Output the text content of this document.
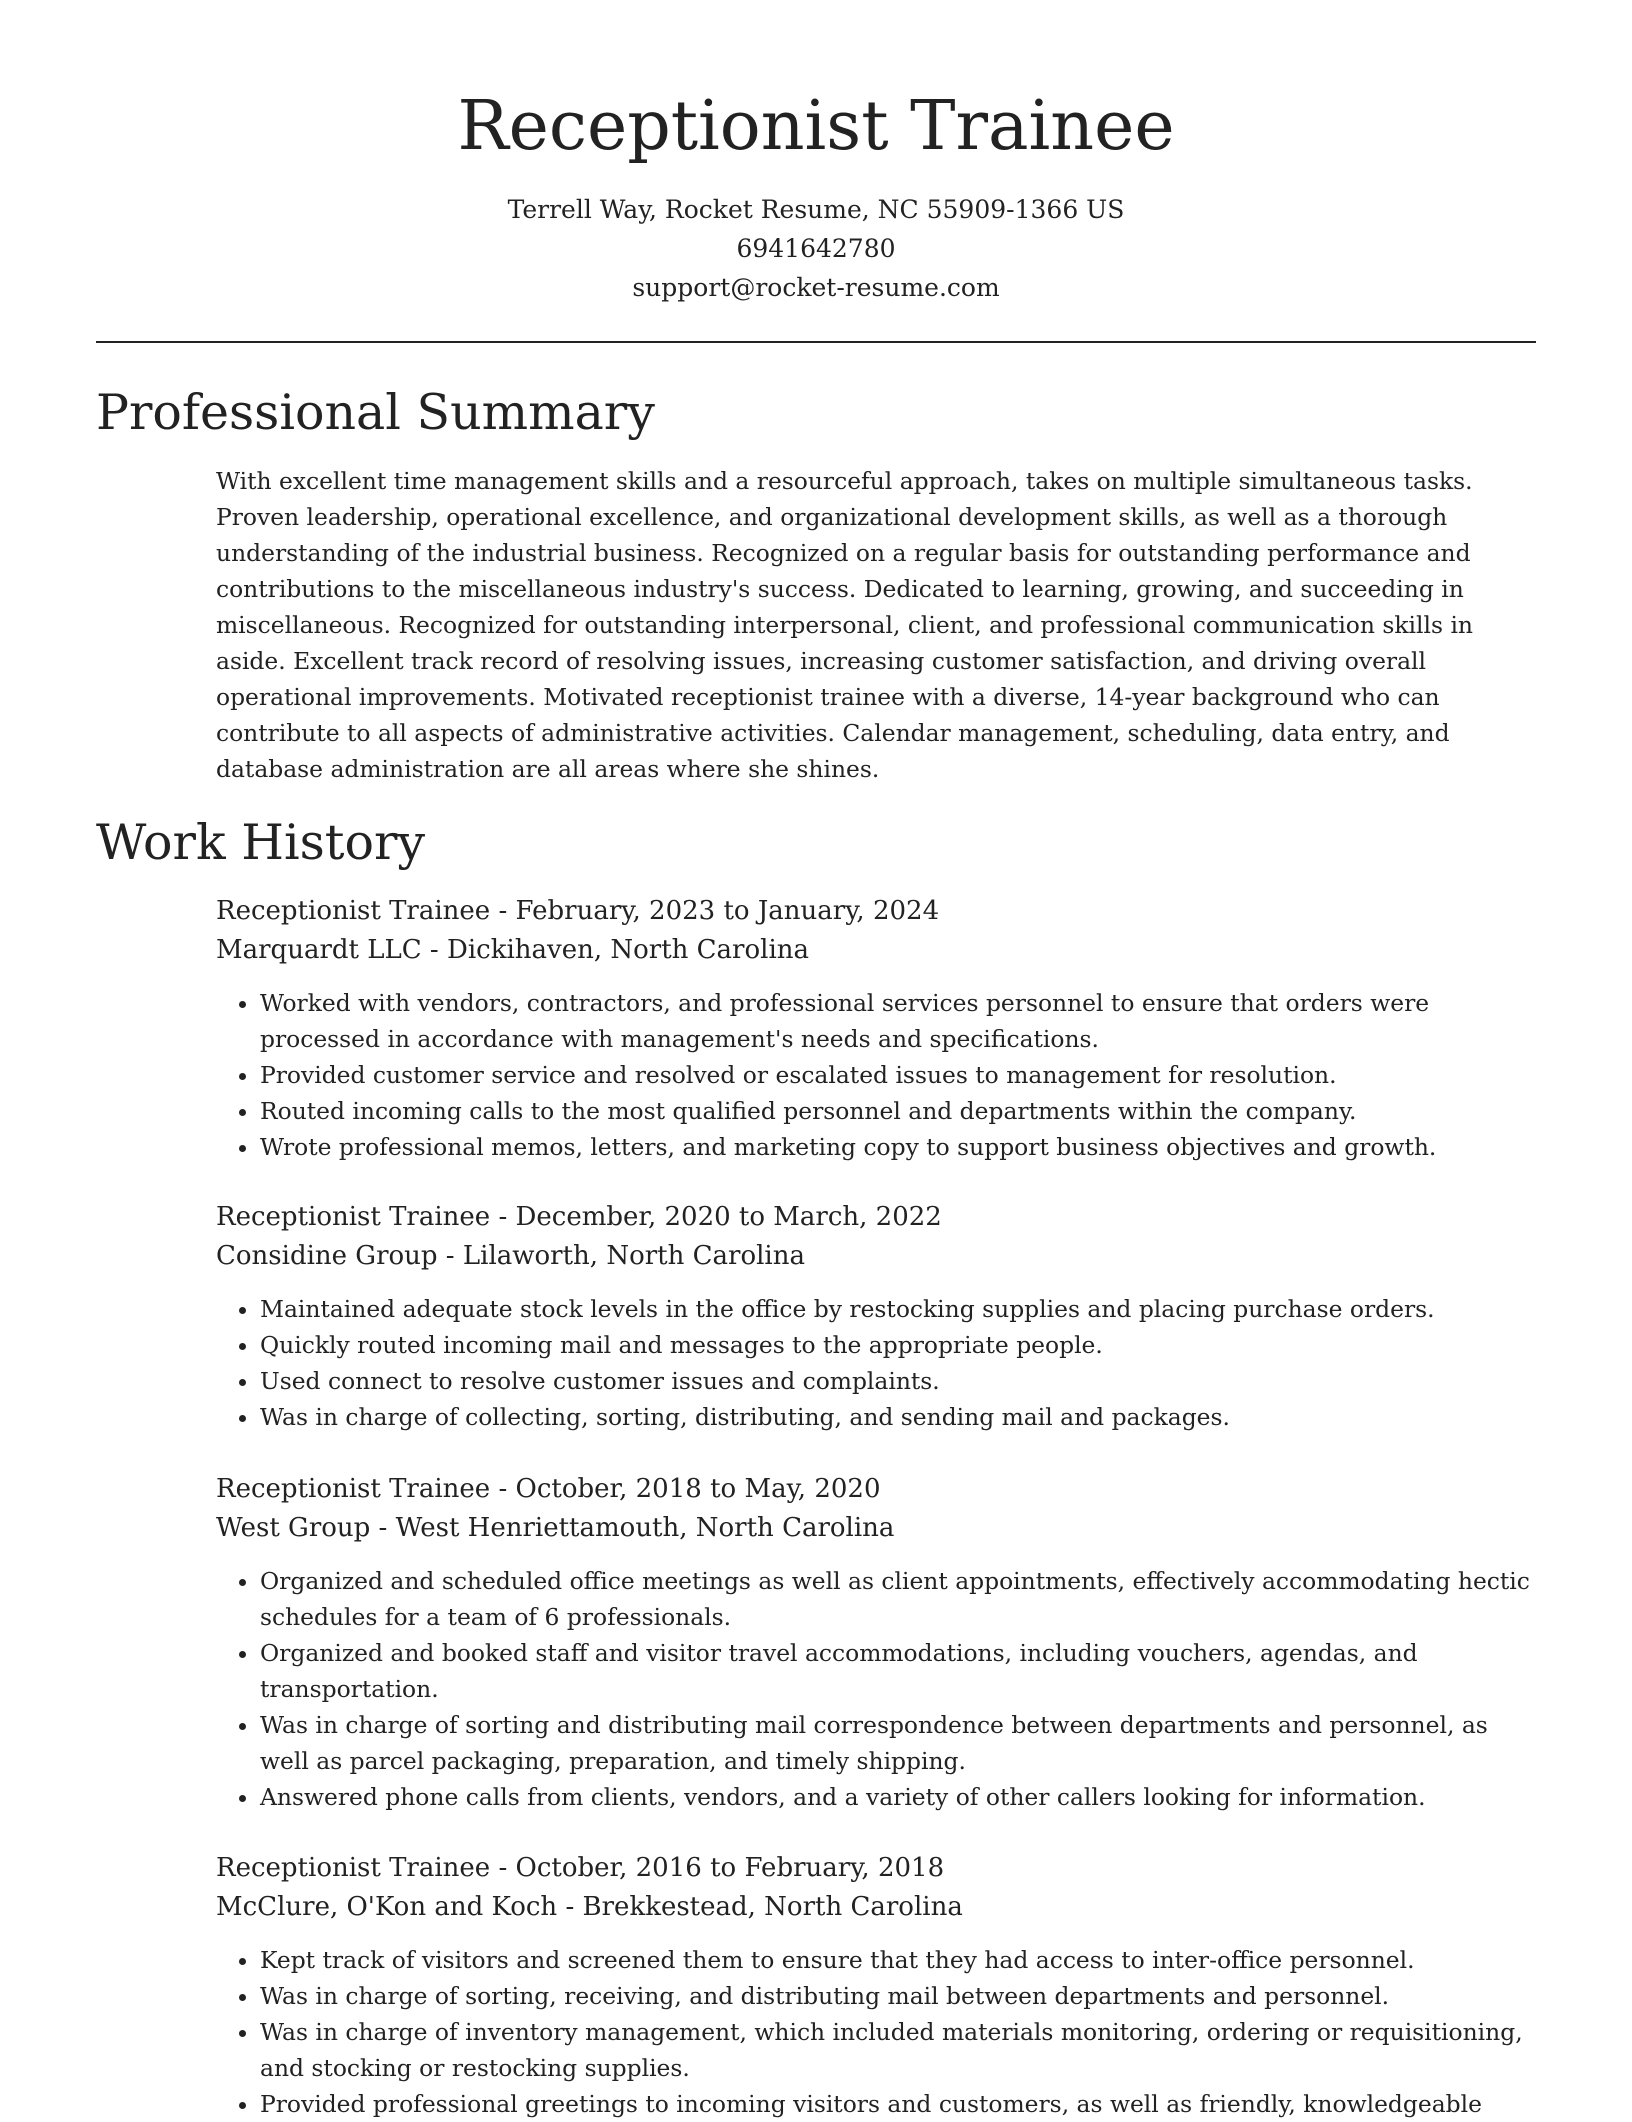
Receptionist Trainee
Terrell Way, Rocket Resume, NC 55909-1366 US
6941642780
support@rocket-resume.com
Professional Summary
With excellent time management skills and a resourceful approach, takes on multiple simultaneous tasks. Proven leadership, operational excellence, and organizational development skills, as well as a thorough understanding of the industrial business. Recognized on a regular basis for outstanding performance and contributions to the miscellaneous industry's success. Dedicated to learning, growing, and succeeding in miscellaneous. Recognized for outstanding interpersonal, client, and professional communication skills in aside. Excellent track record of resolving issues, increasing customer satisfaction, and driving overall operational improvements. Motivated receptionist trainee with a diverse, 14-year background who can contribute to all aspects of administrative activities. Calendar management, scheduling, data entry, and database administration are all areas where she shines.
Work History
Receptionist Trainee - February, 2023 to January, 2024
Marquardt LLC - Dickihaven, North Carolina
• Worked with vendors, contractors, and professional services personnel to ensure that orders were processed in accordance with management's needs and specifications.
• Provided customer service and resolved or escalated issues to management for resolution.
• Routed incoming calls to the most qualified personnel and departments within the company.
• Wrote professional memos, letters, and marketing copy to support business objectives and growth.
Receptionist Trainee - December, 2020 to March, 2022
Considine Group - Lilaworth, North Carolina
• Maintained adequate stock levels in the office by restocking supplies and placing purchase orders.
• Quickly routed incoming mail and messages to the appropriate people.
• Used connect to resolve customer issues and complaints.
• Was in charge of collecting, sorting, distributing, and sending mail and packages.
Receptionist Trainee - October, 2018 to May, 2020
West Group - West Henriettamouth, North Carolina
• Organized and scheduled office meetings as well as client appointments, effectively accommodating hectic schedules for a team of 6 professionals.
• Organized and booked staff and visitor travel accommodations, including vouchers, agendas, and transportation.
• Was in charge of sorting and distributing mail correspondence between departments and personnel, as well as parcel packaging, preparation, and timely shipping.
• Answered phone calls from clients, vendors, and a variety of other callers looking for information.
Receptionist Trainee - October, 2016 to February, 2018
McClure, O'Kon and Koch - Brekkestead, North Carolina
• Kept track of visitors and screened them to ensure that they had access to inter-office personnel.
• Was in charge of sorting, receiving, and distributing mail between departments and personnel.
• Was in charge of inventory management, which included materials monitoring, ordering or requisitioning, and stocking or restocking supplies.
• Provided professional greetings to incoming visitors and customers, as well as friendly, knowledgeable
